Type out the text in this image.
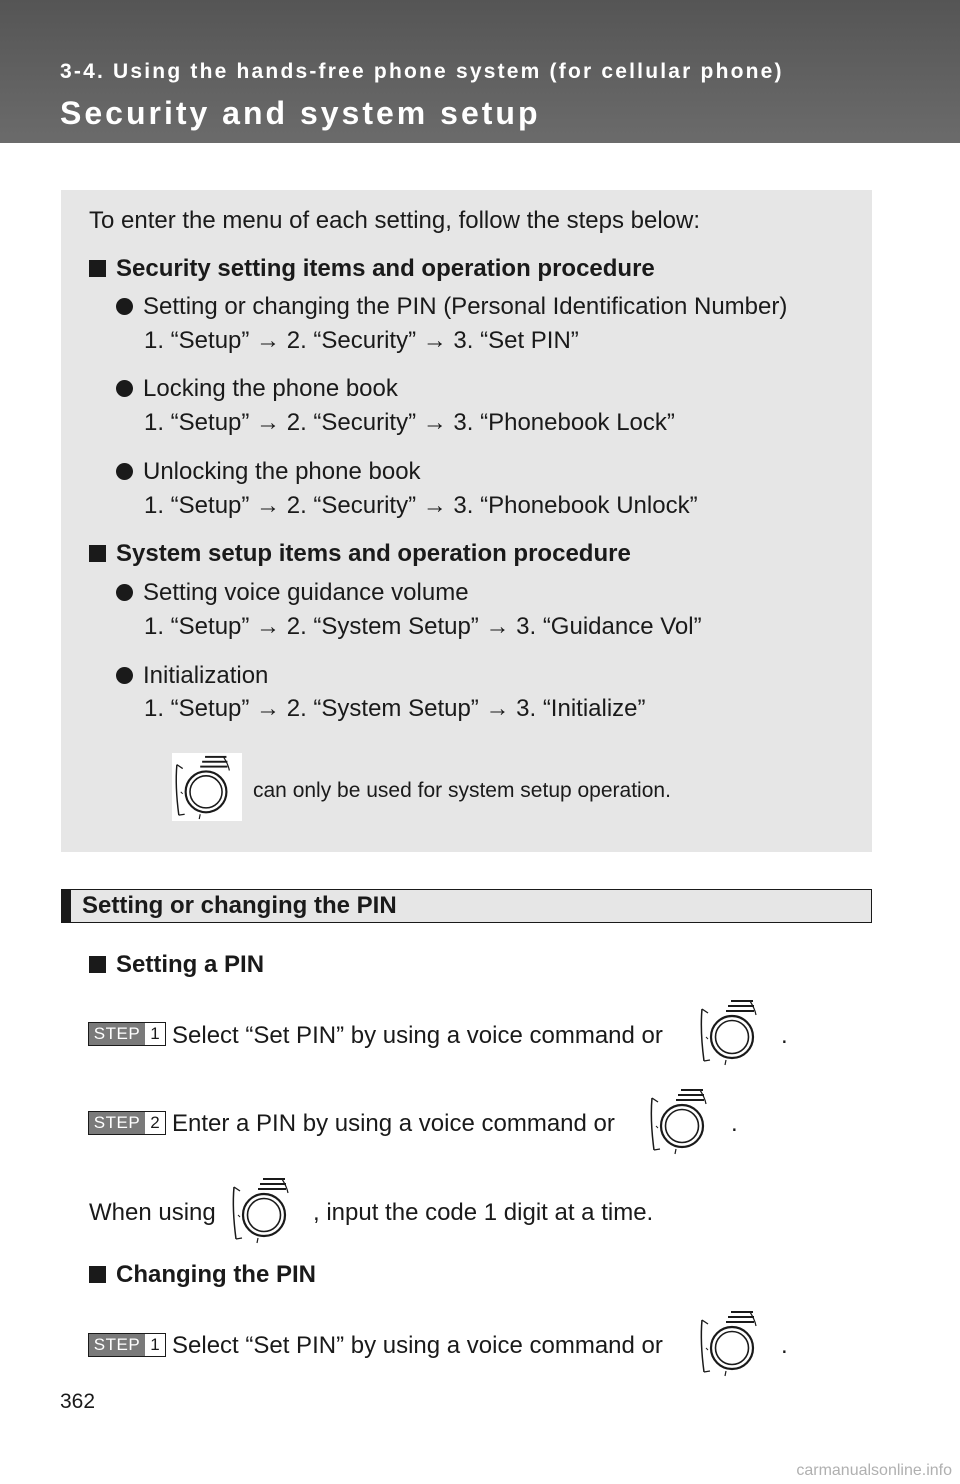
3-4. Using the hands-free phone system (for cellular phone)
Security and system setup
To enter the menu of each setting, follow the steps below:
Security setting items and operation procedure
Setting or changing the PIN (Personal Identification Number)
1. “Setup” → 2. “Security” → 3. “Set PIN”
Locking the phone book
1. “Setup” → 2. “Security” → 3. “Phonebook Lock”
Unlocking the phone book
1. “Setup” → 2. “Security” → 3. “Phonebook Unlock”
System setup items and operation procedure
Setting voice guidance volume
1. “Setup” → 2. “System Setup” → 3. “Guidance Vol”
Initialization
1. “Setup” → 2. “System Setup” → 3. “Initialize”
can only be used for system setup operation.
Setting or changing the PIN
Setting a PIN
STEP 1 Select “Set PIN” by using a voice command or	.
STEP 2 Enter a PIN by using a voice command or	.
When using	, input the code 1 digit at a time.
Changing the PIN
STEP 1 Select “Set PIN” by using a voice command or	.
362
carmanualsonline.info
